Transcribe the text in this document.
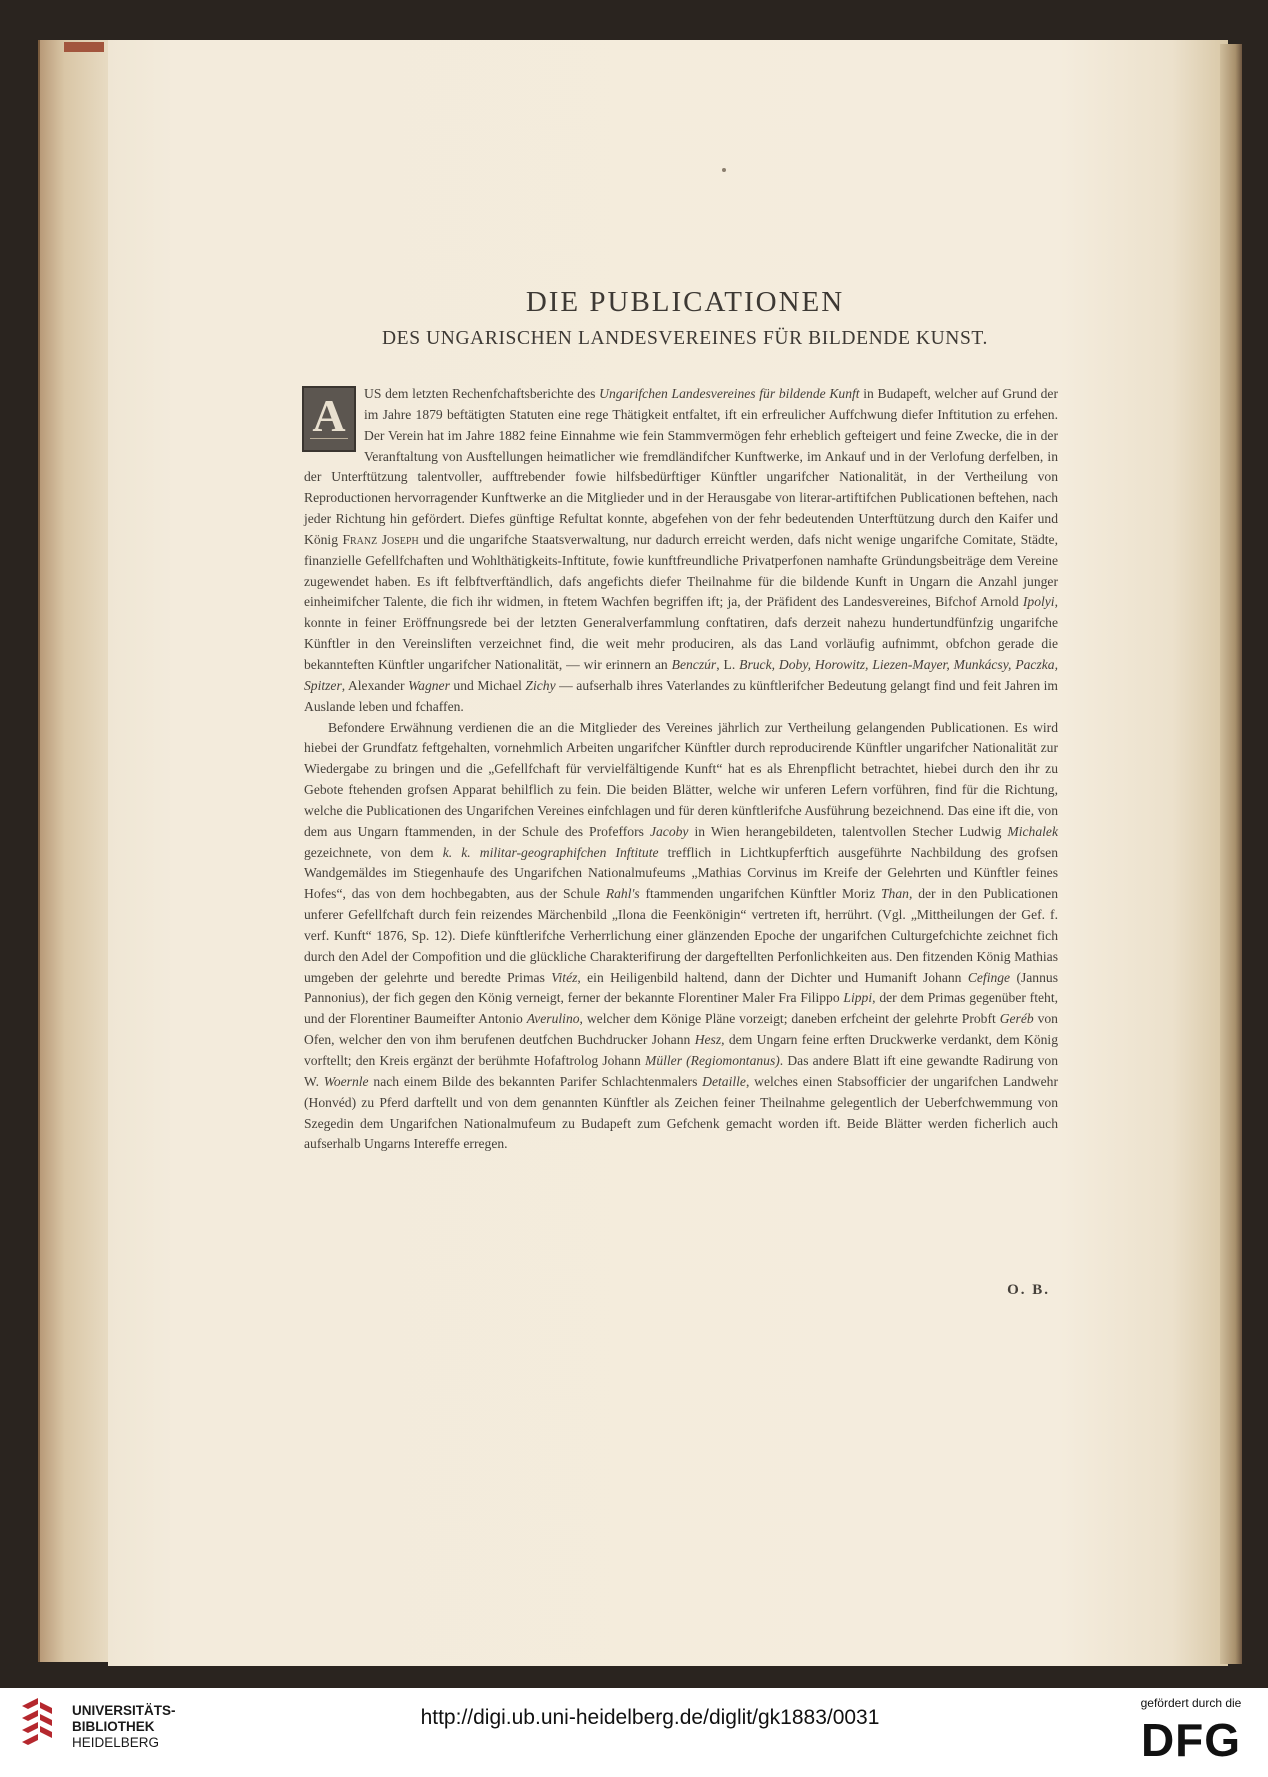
DIE PUBLICATIONEN
DES UNGARISCHEN LANDESVEREINES FÜR BILDENDE KUNST.
A	US dem letzten Rechenfchaftsberichte des Ungarifchen Landesvereines für bildende Kunft in Budapeft, welcher auf Grund der im Jahre 1879 beftätigten Statuten eine rege Thätigkeit entfaltet, ift ein erfreulicher Auffchwung diefer Inftitution zu erfehen. Der Verein hat im Jahre 1882 feine Einnahme wie fein Stammvermögen fehr erheblich gefteigert und feine Zwecke, die in der Veranftaltung von Ausftellungen heimatlicher wie fremdländifcher Kunftwerke, im Ankauf und in der Verlofung derfelben, in der Unterftützung talentvoller, aufftrebender fowie hilfsbedürftiger Künftler ungarifcher Nationalität, in der Vertheilung von Reproductionen hervorragender Kunftwerke an die Mitglieder und in der Herausgabe von literar-artiftifchen Publicationen beftehen, nach jeder Richtung hin gefördert. Diefes günftige Refultat konnte, abgefehen von der fehr bedeutenden Unterftützung durch den Kaifer und König Franz Joseph und die ungarifche Staatsverwaltung, nur dadurch erreicht werden, dafs nicht wenige ungarifche Comitate, Städte, finanzielle Gefellfchaften und Wohlthätigkeits-Inftitute, fowie kunftfreundliche Privatperfonen namhafte Gründungsbeiträge dem Vereine zugewendet haben. Es ift felbftverftändlich, dafs angefichts diefer Theilnahme für die bildende Kunft in Ungarn die Anzahl junger einheimifcher Talente, die fich ihr widmen, in ftetem Wachfen begriffen ift; ja, der Präfident des Landesvereines, Bifchof Arnold Ipolyi, konnte in feiner Eröffnungsrede bei der letzten Generalverfammlung conftatiren, dafs derzeit nahezu hundertundfünfzig ungarifche Künftler in den Vereinsliften verzeichnet find, die weit mehr produciren, als das Land vorläufig aufnimmt, obfchon gerade die bekannteften Künftler ungarifcher Nationalität, — wir erinnern an Benczúr, L. Bruck, Doby, Horowitz, Liezen-Mayer, Munkácsy, Paczka, Spitzer, Alexander Wagner und Michael Zichy — aufserhalb ihres Vaterlandes zu künftlerifcher Bedeutung gelangt find und feit Jahren im Auslande leben und fchaffen.

Befondere Erwähnung verdienen die an die Mitglieder des Vereines jährlich zur Vertheilung gelangenden Publicationen. Es wird hiebei der Grundfatz feftgehalten, vornehmlich Arbeiten ungarifcher Künftler durch reproducirende Künftler ungarifcher Nationalität zur Wiedergabe zu bringen und die „Gefellfchaft für vervielfältigende Kunft“ hat es als Ehrenpflicht betrachtet, hiebei durch den ihr zu Gebote ftehenden grofsen Apparat behilflich zu fein. Die beiden Blätter, welche wir unferen Lefern vorführen, find für die Richtung, welche die Publicationen des Ungarifchen Vereines einfchlagen und für deren künftlerifche Ausführung bezeichnend. Das eine ift die, von dem aus Ungarn ftammenden, in der Schule des Profeffors Jacoby in Wien herangebildeten, talentvollen Stecher Ludwig Michalek gezeichnete, von dem k. k. militar-geographifchen Inftitute trefflich in Lichtkupferftich ausgeführte Nachbildung des grofsen Wandgemäldes im Stiegenhaufe des Ungarifchen Nationalmufeums „Mathias Corvinus im Kreife der Gelehrten und Künftler feines Hofes“, das von dem hochbegabten, aus der Schule Rahl's ftammenden ungarifchen Künftler Moriz Than, der in den Publicationen unferer Gefellfchaft durch fein reizendes Märchenbild „Ilona die Feenkönigin“ vertreten ift, herrührt. (Vgl. „Mittheilungen der Gef. f. verf. Kunft“ 1876, Sp. 12). Diefe künftlerifche Verherrlichung einer glänzenden Epoche der ungarifchen Culturgefchichte zeichnet fich durch den Adel der Compofition und die glückliche Charakterifirung der dargeftellten Perfonlichkeiten aus. Den fitzenden König Mathias umgeben der gelehrte und beredte Primas Vitéz, ein Heiligenbild haltend, dann der Dichter und Humanift Johann Cefinge (Jannus Pannonius), der fich gegen den König verneigt, ferner der bekannte Florentiner Maler Fra Filippo Lippi, der dem Primas gegenüber fteht, und der Florentiner Baumeifter Antonio Averulino, welcher dem Könige Pläne vorzeigt; daneben erfcheint der gelehrte Probft Geréb von Ofen, welcher den von ihm berufenen deutfchen Buchdrucker Johann Hesz, dem Ungarn feine erften Druckwerke verdankt, dem König vorftellt; den Kreis ergänzt der berühmte Hofaftrolog Johann Müller (Regiomontanus). Das andere Blatt ift eine gewandte Radirung von W. Woernle nach einem Bilde des bekannten Parifer Schlachtenmalers Detaille, welches einen Stabsofficier der ungarifchen Landwehr (Honvéd) zu Pferd darftellt und von dem genannten Künftler als Zeichen feiner Theilnahme gelegentlich der Ueberfchwemmung von Szegedin dem Ungarifchen Nationalmufeum zu Budapeft zum Gefchenk gemacht worden ift. Beide Blätter werden ficherlich auch aufserhalb Ungarns Intereffe erregen.

O. B.
UNIVERSITÄTS-
BIBLIOTHEK
HEIDELBERG
http://digi.ub.uni-heidelberg.de/diglit/gk1883/0031
gefördert durch die
DFG
